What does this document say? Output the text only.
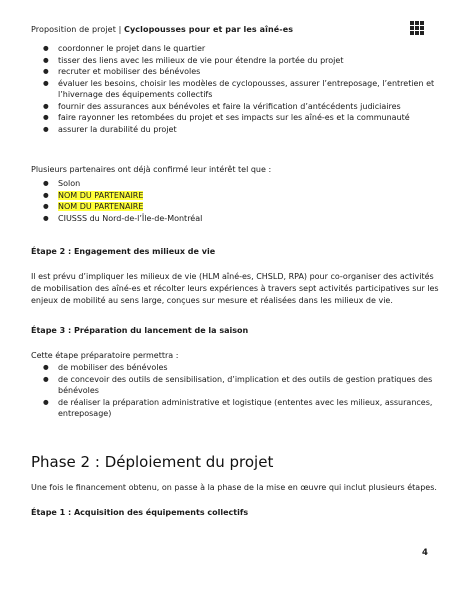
Proposition de projet | Cyclopousses pour et par les aîné-es
● coordonner le projet dans le quartier
● tisser des liens avec les milieux de vie pour étendre la portée du projet
● recruter et mobiliser des bénévoles
● évaluer les besoins, choisir les modèles de cyclopousses, assurer l’entreposage, l’entretien et
l’hivernage des équipements collectifs
● fournir des assurances aux bénévoles et faire la vérification d’antécédents judiciaires
● faire rayonner les retombées du projet et ses impacts sur les aîné-es et la communauté
● assurer la durabilité du projet
Plusieurs partenaires ont déjà confirmé leur intérêt tel que :
● Solon
● NOM DU PARTENAIRE
● NOM DU PARTENAIRE
● CIUSSS du Nord-de-l’Île-de-Montréal
Étape 2 : Engagement des milieux de vie
Il est prévu d’impliquer les milieux de vie (HLM aîné-es, CHSLD, RPA) pour co-organiser des activités
de mobilisation des aîné-es et récolter leurs expériences à travers sept activités participatives sur les
enjeux de mobilité au sens large, conçues sur mesure et réalisées dans les milieux de vie.
Étape 3 : Préparation du lancement de la saison
Cette étape préparatoire permettra :
● de mobiliser des bénévoles
● de concevoir des outils de sensibilisation, d’implication et des outils de gestion pratiques des
bénévoles
● de réaliser la préparation administrative et logistique (ententes avec les milieux, assurances,
entreposage)
Phase 2 : Déploiement du projet
Une fois le financement obtenu, on passe à la phase de la mise en œuvre qui inclut plusieurs étapes.
Étape 1 : Acquisition des équipements collectifs
4
